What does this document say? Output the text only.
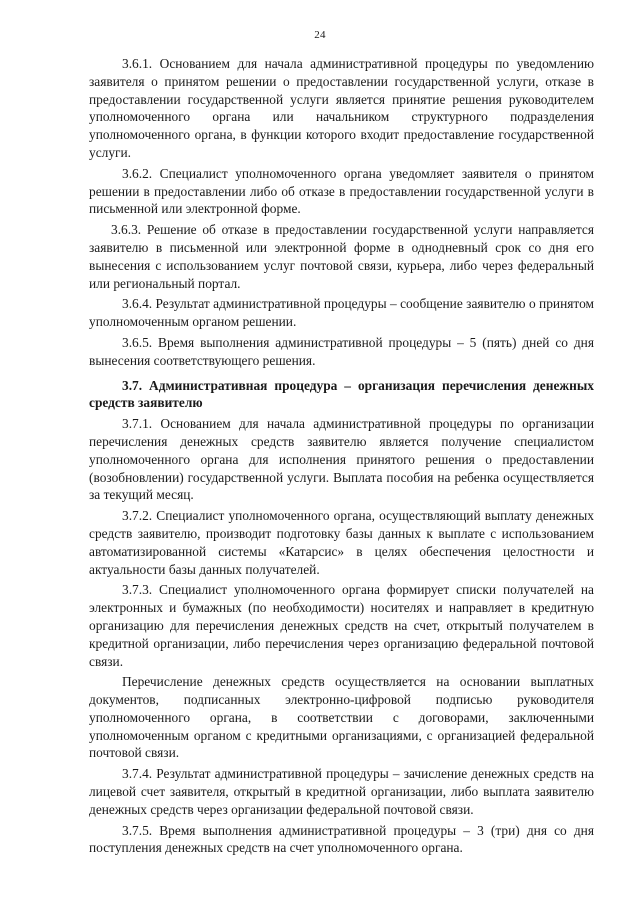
24

3.6.1. Основанием для начала административной процедуры по уведомлению заявителя о принятом решении о предоставлении государственной услуги, отказе в предоставлении государственной услуги является принятие решения руководителем уполномоченного органа или начальником структурного подразделения уполномоченного органа, в функции которого входит предоставление государственной услуги.

3.6.2. Специалист уполномоченного органа уведомляет заявителя о принятом решении в предоставлении либо об отказе в предоставлении государственной услуги в письменной или электронной форме.

3.6.3. Решение об отказе в предоставлении государственной услуги направляется заявителю в письменной или электронной форме в однодневный срок со дня его вынесения с использованием услуг почтовой связи, курьера, либо через федеральный или региональный портал.

3.6.4. Результат административной процедуры – сообщение заявителю о принятом уполномоченным органом решении.

3.6.5. Время выполнения административной процедуры – 5 (пять) дней со дня вынесения соответствующего решения.

3.7. Административная процедура – организация перечисления денежных средств заявителю

3.7.1. Основанием для начала административной процедуры по организации перечисления денежных средств заявителю является получение специалистом уполномоченного органа для исполнения принятого решения о предоставлении (возобновлении) государственной услуги. Выплата пособия на ребенка осуществляется за текущий месяц.

3.7.2. Специалист уполномоченного органа, осуществляющий выплату денежных средств заявителю, производит подготовку базы данных к выплате с использованием автоматизированной системы «Катарсис» в целях обеспечения целостности и актуальности базы данных получателей.

3.7.3. Специалист уполномоченного органа формирует списки получателей на электронных и бумажных (по необходимости) носителях и направляет в кредитную организацию для перечисления денежных средств на счет, открытый получателем в кредитной организации, либо перечисления через организацию федеральной почтовой связи.

Перечисление денежных средств осуществляется на основании выплатных документов, подписанных электронно-цифровой подписью руководителя уполномоченного органа, в соответствии с договорами, заключенными уполномоченным органом с кредитными организациями, с организацией федеральной почтовой связи.

3.7.4. Результат административной процедуры – зачисление денежных средств на лицевой счет заявителя, открытый в кредитной организации, либо выплата заявителю денежных средств через организации федеральной почтовой связи.

3.7.5. Время выполнения административной процедуры – 3 (три) дня со дня поступления денежных средств на счет уполномоченного органа.
